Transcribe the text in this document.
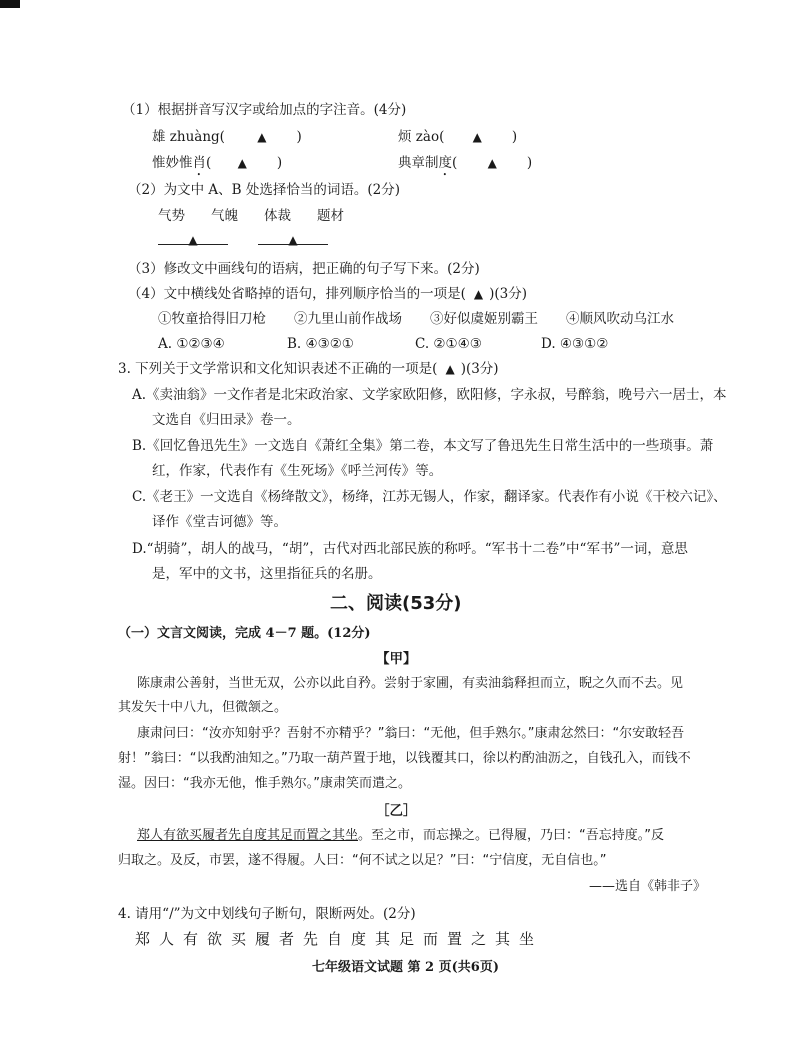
（1）根据拼音写汉字或给加点的字注音。(4分)
雄 zhuàng(	▲ )	烦 zào( ▲ )
惟妙惟肖( ▲ )	典章制度(	▲ )
（2）为文中 A、B 处选择恰当的词语。(2分)
气势 气魄 体裁 题材
▲	▲
（3）修改文中画线句的语病，把正确的句子写下来。(2分)
（4）文中横线处省略掉的语句，排列顺序恰当的一项是( ▲ )(3分)
①牧童拾得旧刀枪 ②九里山前作战场 ③好似虞姬别霸王 ④顺风吹动乌江水
A. ①②③④	B. ④③②①	C. ②①④③	D. ④③①②
3. 下列关于文学常识和文化知识表述不正确的一项是( ▲ )(3分)
A.《卖油翁》一文作者是北宋政治家、文学家欧阳修，欧阳修，字永叔，号醉翁，晚号六一居士，本
文选自《归田录》卷一。
B.《回忆鲁迅先生》一文选自《萧红全集》第二卷，本文写了鲁迅先生日常生活中的一些琐事。萧
红，作家，代表作有《生死场》《呼兰河传》等。
C.《老王》一文选自《杨绛散文》，杨绛，江苏无锡人，作家，翻译家。代表作有小说《干校六记》、
译作《堂吉诃德》等。
D.“胡骑”，胡人的战马，“胡”，古代对西北部民族的称呼。“军书十二卷”中“军书”一词，意思
是，军中的文书，这里指征兵的名册。
二、阅读(53分)
（一）文言文阅读，完成 4－7 题。(12分)
【甲】
陈康肃公善射，当世无双，公亦以此自矜。尝射于家圃，有卖油翁释担而立，睨之久而不去。见
其发矢十中八九，但微颔之。
康肃问曰：“汝亦知射乎？吾射不亦精乎？”翁曰：“无他，但手熟尔。”康肃忿然曰：“尔安敢轻吾
射！”翁曰：“以我酌油知之。”乃取一葫芦置于地，以钱覆其口，徐以杓酌油沥之，自钱孔入，而钱不
湿。因曰：“我亦无他，惟手熟尔。”康肃笑而遣之。
［乙］
郑人有欲买履者先自度其足而置之其坐。至之市，而忘操之。已得履，乃曰：“吾忘持度。”反
归取之。及反，市罢，遂不得履。人曰：“何不试之以足？”曰：“宁信度，无自信也。”
——选自《韩非子》
4. 请用“/”为文中划线句子断句，限断两处。(2分)
郑人有欲买履者先自度其足而置之其坐
七年级语文试题 第 2 页(共6页)
